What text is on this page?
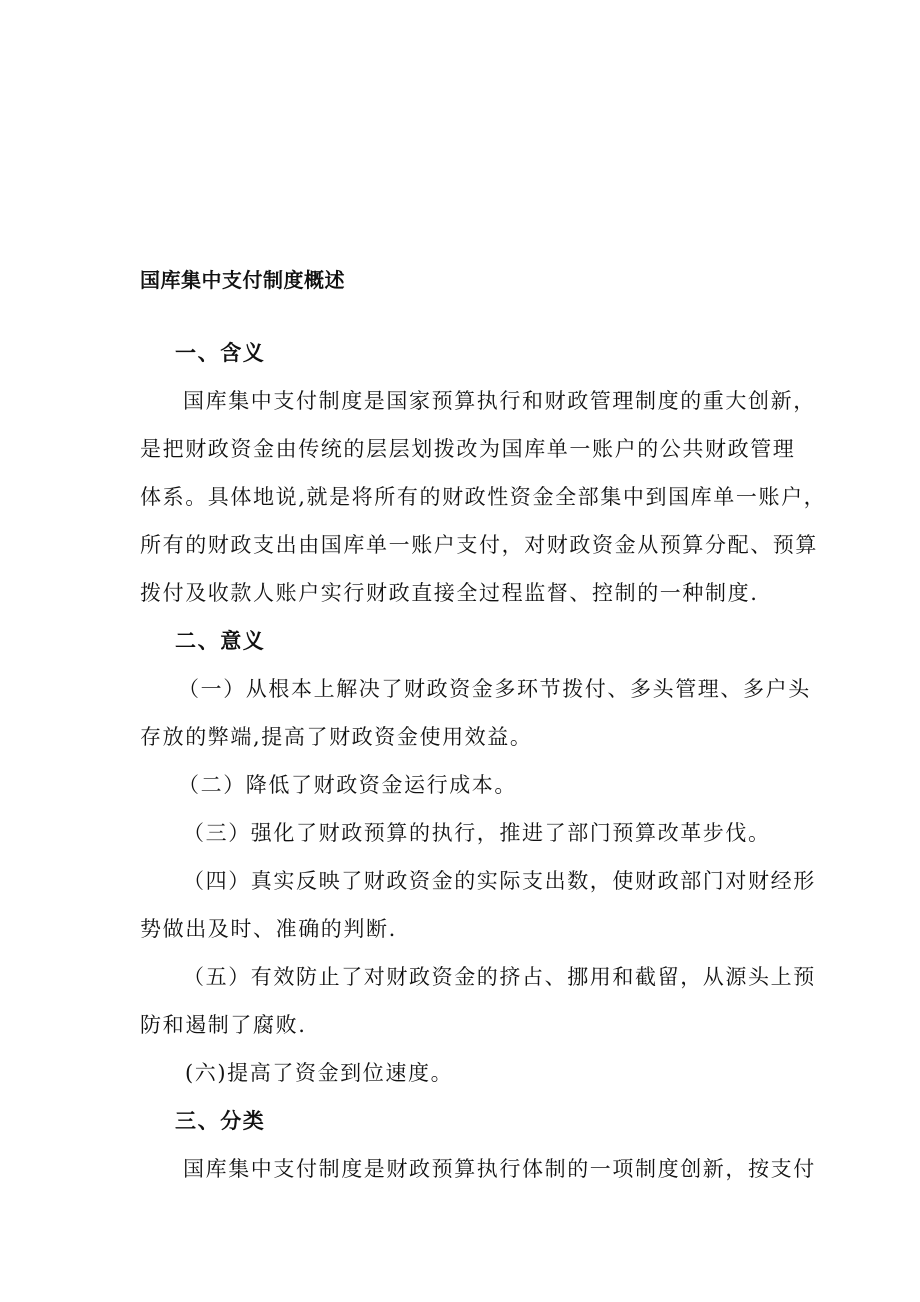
国库集中支付制度概述
一、含义
国库集中支付制度是国家预算执行和财政管理制度的重大创新，
是把财政资金由传统的层层划拨改为国库单一账户的公共财政管理
体系。具体地说,就是将所有的财政性资金全部集中到国库单一账户，
所有的财政支出由国库单一账户支付，对财政资金从预算分配、预算
拨付及收款人账户实行财政直接全过程监督、控制的一种制度.
二、意义
（一）从根本上解决了财政资金多环节拨付、多头管理、多户头
存放的弊端,提高了财政资金使用效益。
（二）降低了财政资金运行成本。
（三）强化了财政预算的执行，推进了部门预算改革步伐。
（四）真实反映了财政资金的实际支出数，使财政部门对财经形
势做出及时、准确的判断.
（五）有效防止了对财政资金的挤占、挪用和截留，从源头上预
防和遏制了腐败.
(六)提高了资金到位速度。
三、分类
国库集中支付制度是财政预算执行体制的一项制度创新，按支付
